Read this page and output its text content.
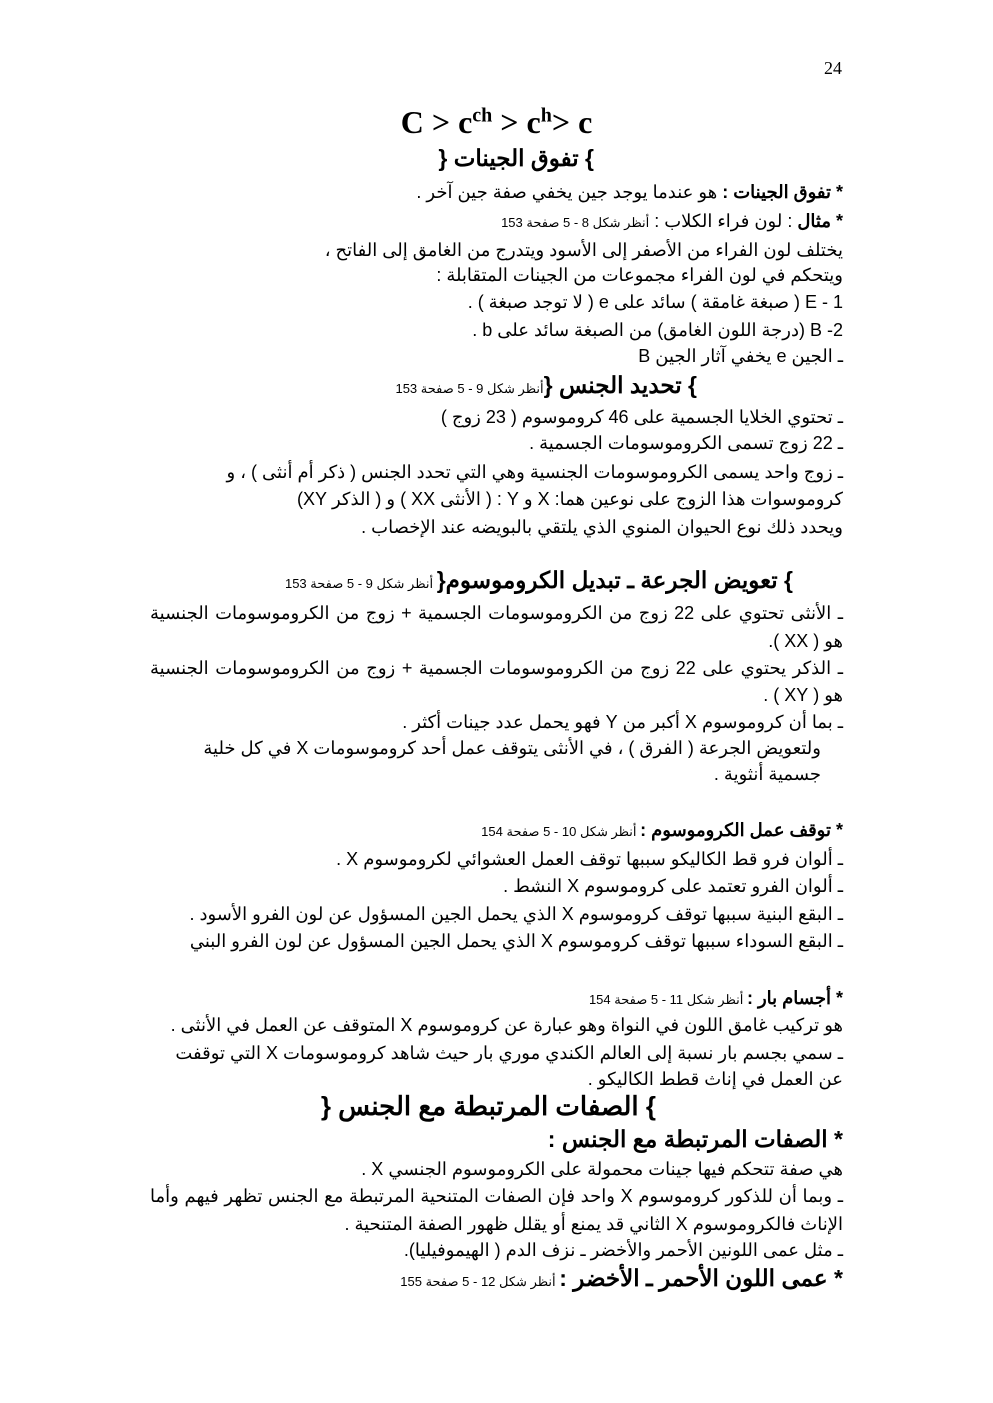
24
$C > c^{ch} > c^h> c$
} تفوق الجينات {
* تفوق الجينات : هو عندما يوجد جين يخفي صفة جين آخر .
* مثال : لون فراء الكلاب : أنظر شكل 8 - 5 صفحة 153
يختلف لون الفراء من الأصفر إلى الأسود ويتدرج من الغامق إلى الفاتح ،
ويتحكم في لون الفراء مجموعات من الجينات المتقابلة :
E - 1 ( صبغة غامقة ) سائد على e ( لا توجد صبغة ) .
B -2 (درجة اللون الغامق) من الصبغة سائد على b .
ـ الجين e يخفي آثار الجين B
} تحديد الجنس {أنظر شكل 9 - 5 صفحة 153
ـ تحتوي الخلايا الجسمية على 46 كروموسوم ( 23 زوج )
ـ 22 زوج تسمى الكروموسومات الجسمية .
ـ زوج واحد يسمى الكروموسومات الجنسية وهي التي تحدد الجنس ( ذكر أم أنثى ) ، و
كروموسوات هذا الزوج على نوعين هما: X و Y : ( الأنثى XX ) و ( الذكر XY)
ويحدد ذلك نوع الحيوان المنوي الذي يلتقي بالبويضه عند الإخصاب .
} تعويض الجرعة ـ تبديل الكروموسوم{ أنظر شكل 9 - 5 صفحة 153
ـ الأنثى تحتوي على 22 زوج من الكروموسومات الجسمية + زوج من الكروموسومات الجنسية
هو ( XX ).
ـ الذكر يحتوي على 22 زوج من الكروموسومات الجسمية + زوج من الكروموسومات الجنسية
هو ( XY ) .
ـ بما أن كروموسوم X أكبر من Y فهو يحمل عدد جينات أكثر .
ولتعويض الجرعة ( الفرق ) ، في الأنثى يتوقف عمل أحد كروموسومات X في كل خلية
جسمية أنثوية .
* توقف عمل الكروموسوم : أنظر شكل 10 - 5 صفحة 154
ـ ألوان فرو قط الكاليكو سببها توقف العمل العشوائي لكروموسوم X .
ـ ألوان الفرو تعتمد على كروموسوم X النشط .
ـ البقع البنية سببها توقف كروموسوم X الذي يحمل الجين المسؤول عن لون الفرو الأسود .
ـ البقع السوداء سببها توقف كروموسوم X الذي يحمل الجين المسؤول عن لون الفرو البني
* أجسام بار : أنظر شكل 11 - 5 صفحة 154
هو تركيب غامق اللون في النواة وهو عبارة عن كروموسوم X المتوقف عن العمل في الأنثى .
ـ سمي بجسم بار نسبة إلى العالم الكندي موري بار حيث شاهد كروموسومات X التي توقفت
عن العمل في إناث قطط الكاليكو .
} الصفات المرتبطة مع الجنس {
* الصفات المرتبطة مع الجنس :
هي صفة تتحكم فيها جينات محمولة على الكروموسوم الجنسي X .
ـ وبما أن للذكور كروموسوم X واحد فإن الصفات المتنحية المرتبطة مع الجنس تظهر فيهم وأما
الإناث فالكروموسوم X الثاني قد يمنع أو يقلل ظهور الصفة المتنحية .
ـ مثل عمى اللونين الأحمر والأخضر ـ نزف الدم ( الهيموفيليا).
* عمى اللون الأحمر ـ الأخضر : أنظر شكل 12 - 5 صفحة 155
